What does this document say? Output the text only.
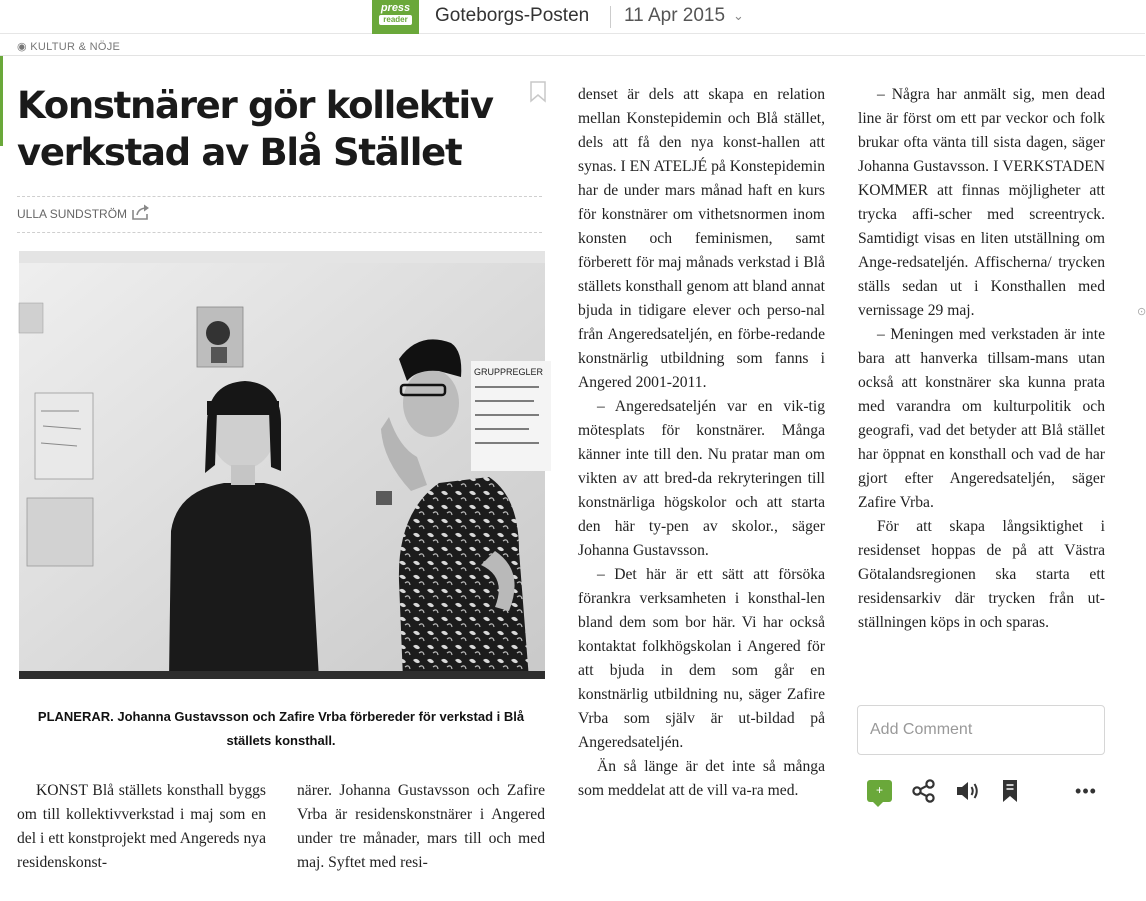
press
reader Goteborgs-Posten 11 Apr 2015 ⌄
◉ KULTUR & NÖJE
Konstnärer gör kollektiv
verkstad av Blå Stället
ULLA SUNDSTRÖM
GRUPPREGLER
PLANERAR. Johanna Gustavsson och Zafire Vrba förbereder för verkstad i Blå
ställets konsthall.

KONST Blå ställets konsthall byggs om till kollektivverkstad i maj som en del i ett konstprojekt med Angereds nya residenskonst-

närer. Johanna Gustavsson och Zafire Vrba är residenskonstnärer i Angered under tre månader, mars till och med maj. Syftet med resi-

denset är dels att skapa en relation mellan Konstepidemin och Blå stället, dels att få den nya konst-hallen att synas. I EN ATELJÉ på Konstepidemin har de under mars månad haft en kurs för konstnärer om vithetsnormen inom konsten och feminismen, samt förberett för maj månads verkstad i Blå ställets konsthall genom att bland annat bjuda in tidigare elever och perso-nal från Angeredsateljén, en förbe-redande konstnärlig utbildning som fanns i Angered 2001-2011.

– Angeredsateljén var en vik-tig mötesplats för konstnärer. Många känner inte till den. Nu pratar man om vikten av att bred-da rekryteringen till konstnärliga högskolor och att starta den här ty-pen av skolor., säger Johanna Gustavsson.

– Det här är ett sätt att försöka förankra verksamheten i konsthal-len bland dem som bor här. Vi har också kontaktat folkhögskolan i Angered för att bjuda in dem som går en konstnärlig utbildning nu, säger Zafire Vrba som själv är ut-bildad på Angeredsateljén.

Än så länge är det inte så många som meddelat att de vill va-ra med.

– Några har anmält sig, men dead line är först om ett par veckor och folk brukar ofta vänta till sista dagen, säger Johanna Gustavsson. I VERKSTADEN KOMMER att finnas möjligheter att trycka affi-scher med screentryck. Samtidigt visas en liten utställning om Ange-redsateljén. Affischerna/ trycken ställs sedan ut i Konsthallen med vernissage 29 maj.

– Meningen med verkstaden är inte bara att hanverka tillsam-mans utan också att konstnärer ska kunna prata med varandra om kulturpolitik och geografi, vad det betyder att Blå stället har öppnat en konsthall och vad de har gjort efter Angeredsateljén, säger Zafire Vrba.

För att skapa långsiktighet i residenset hoppas de på att Västra Götalandsregionen ska starta ett residensarkiv där trycken från ut-ställningen köps in och sparas.

Add Comment
+	•••
⊙
